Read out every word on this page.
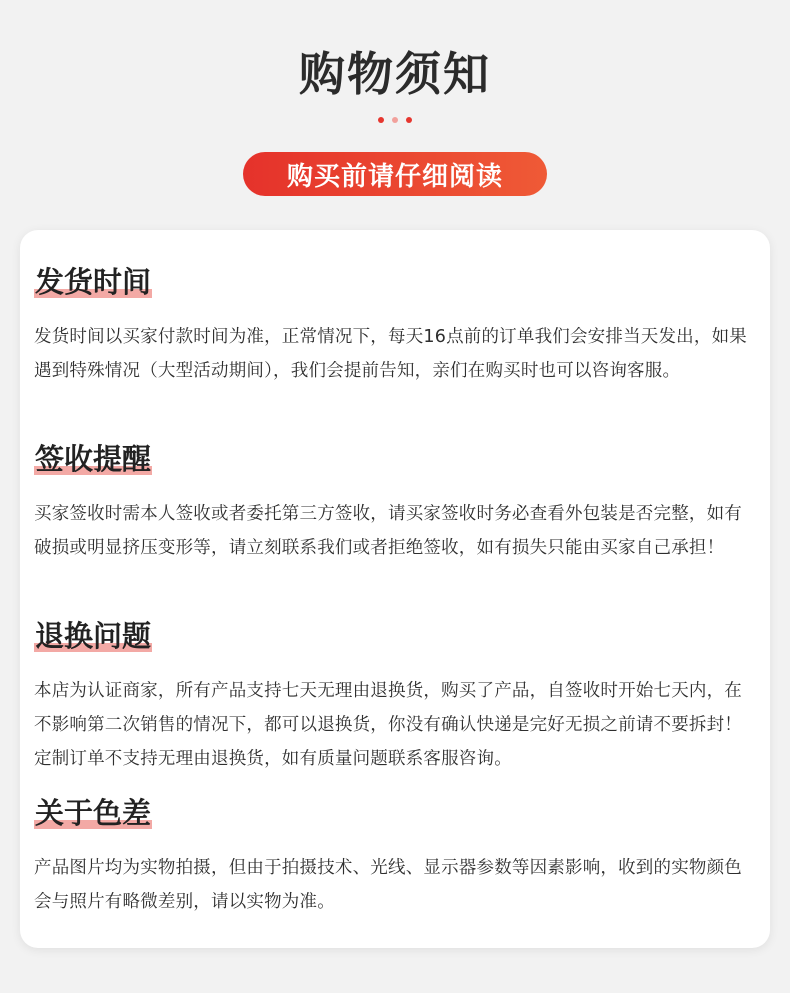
购物须知
购买前请仔细阅读
发货时间
发货时间以买家付款时间为准，正常情况下，每天16点前的订单我们会安排当天发出，如果遇到特殊情况（大型活动期间），我们会提前告知，亲们在购买时也可以咨询客服。
签收提醒
买家签收时需本人签收或者委托第三方签收，请买家签收时务必查看外包装是否完整，如有破损或明显挤压变形等，请立刻联系我们或者拒绝签收，如有损失只能由买家自己承担！
退换问题
本店为认证商家，所有产品支持七天无理由退换货，购买了产品，自签收时开始七天内，在不影响第二次销售的情况下，都可以退换货，你没有确认快递是完好无损之前请不要拆封！定制订单不支持无理由退换货，如有质量问题联系客服咨询。
关于色差
产品图片均为实物拍摄，但由于拍摄技术、光线、显示器参数等因素影响，收到的实物颜色会与照片有略微差别，请以实物为准。
